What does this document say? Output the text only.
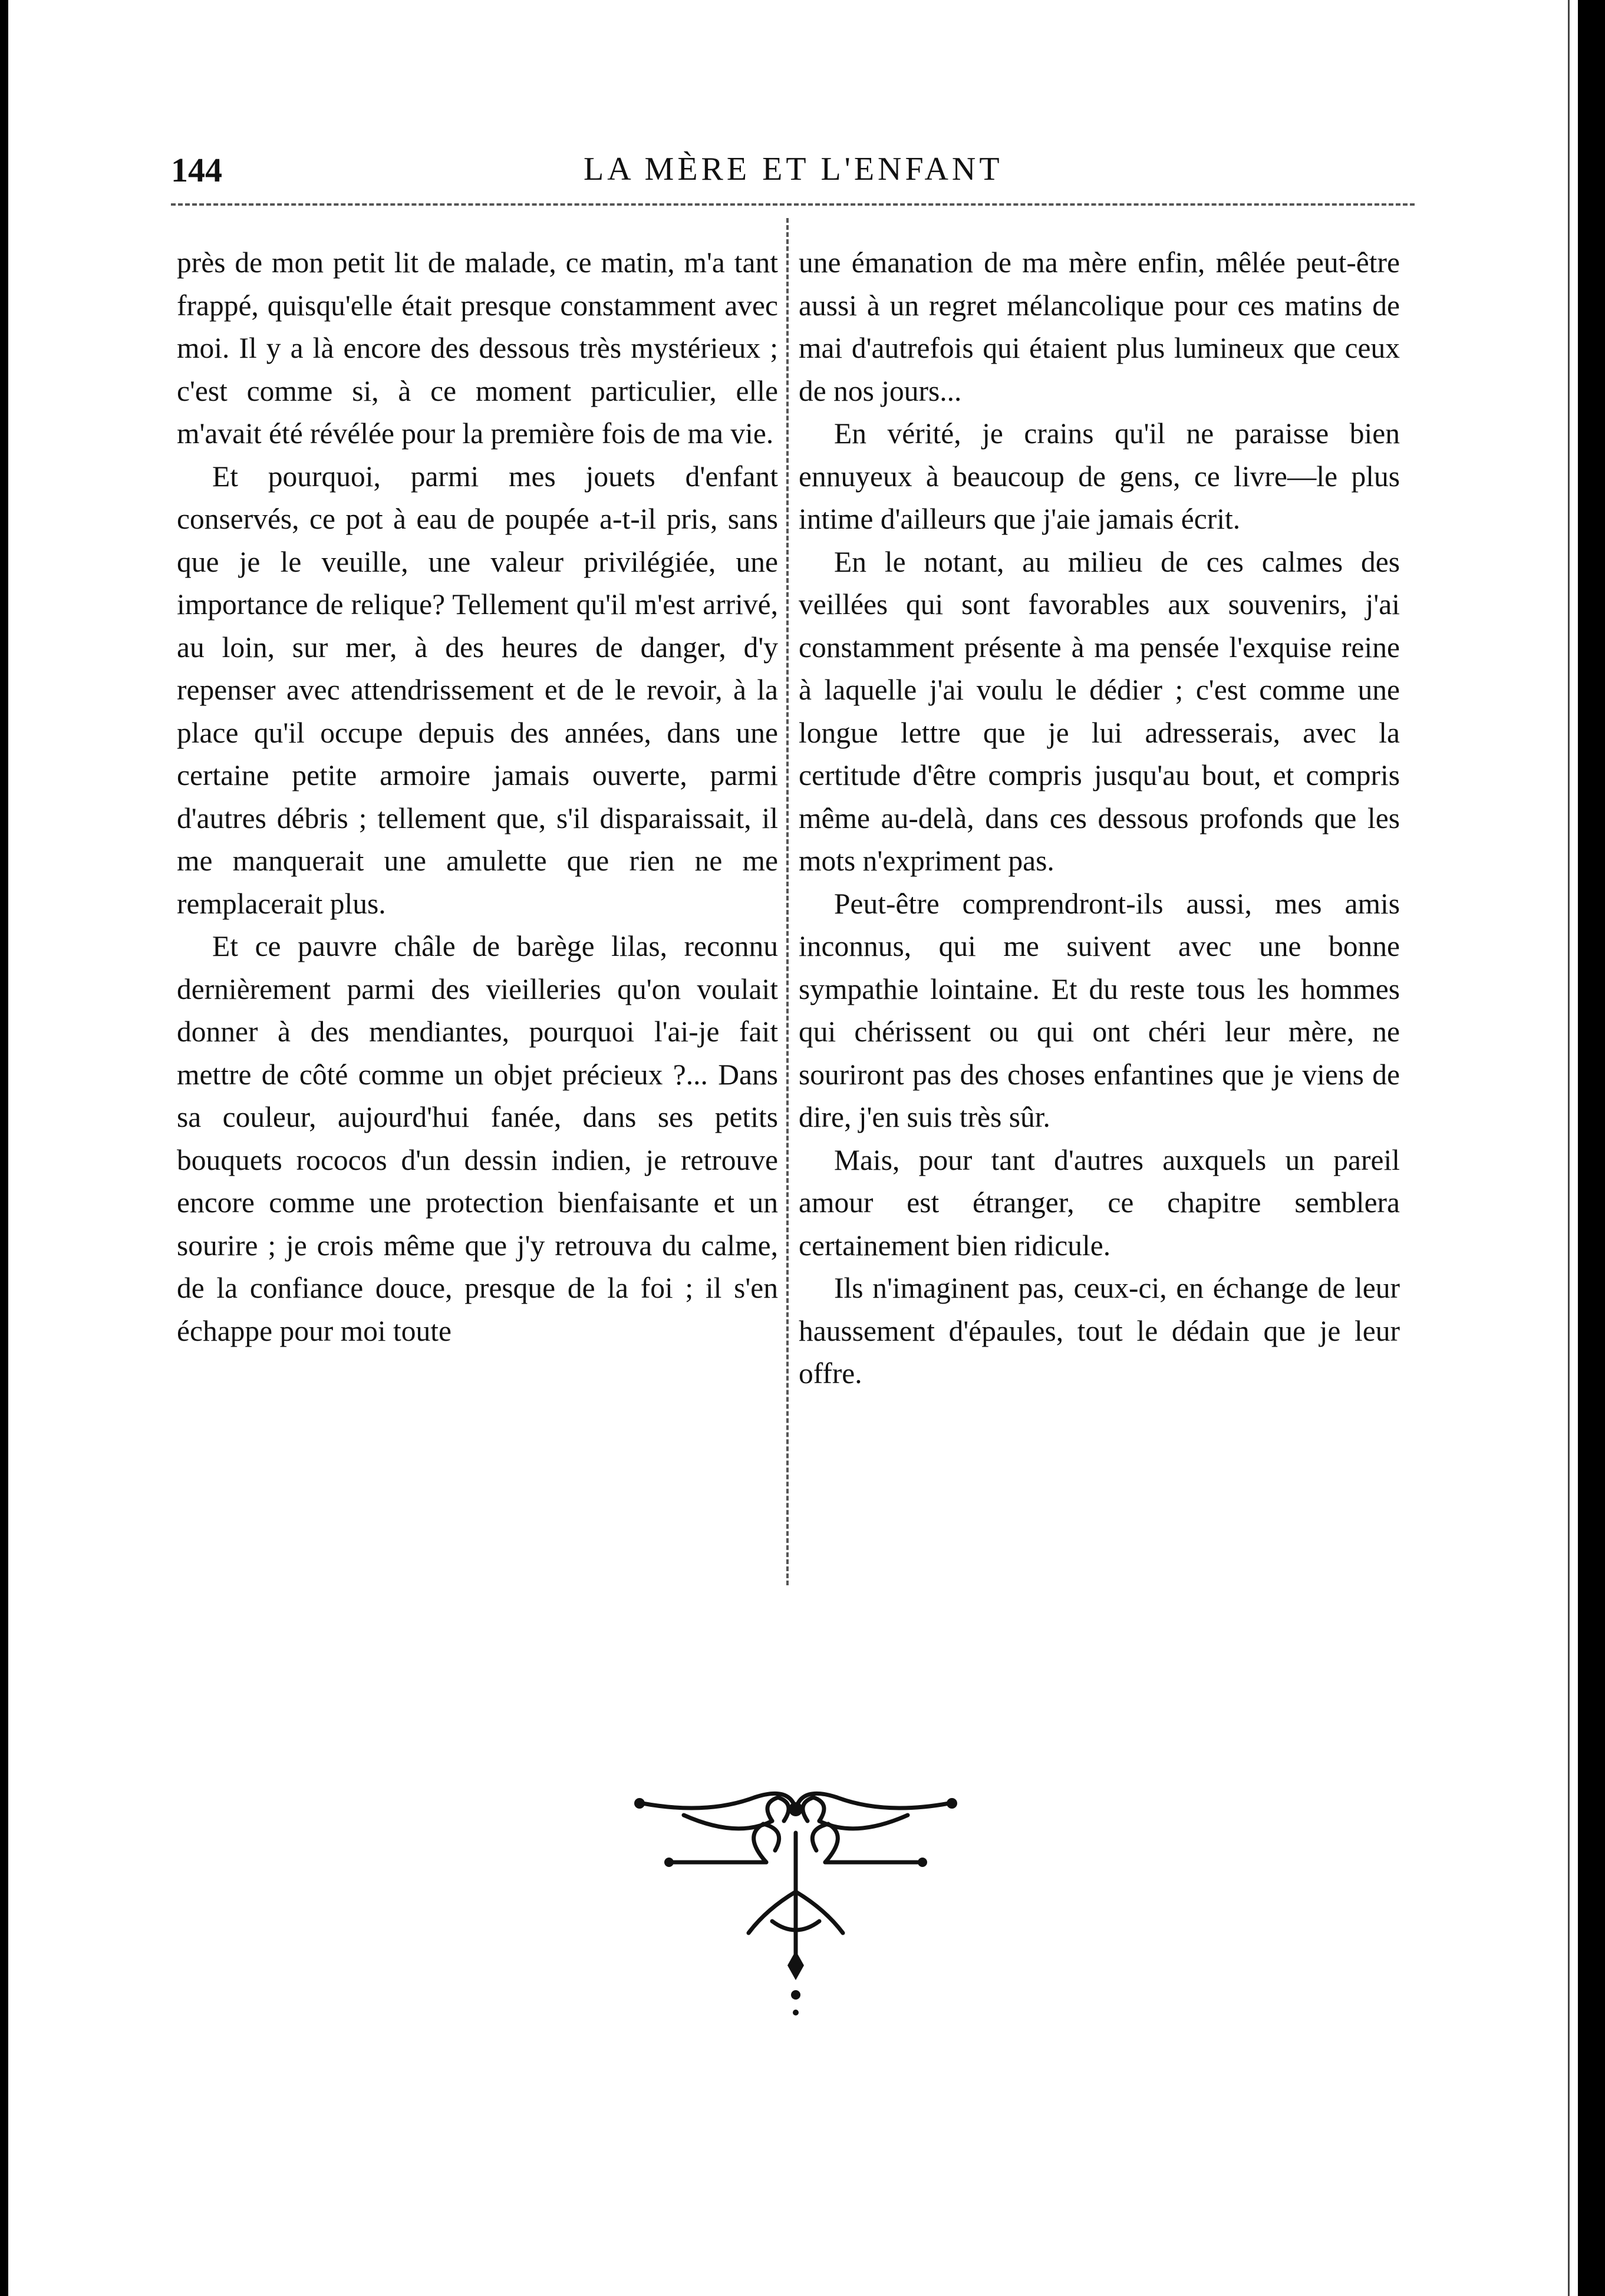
144	LA MÈRE ET L'ENFANT

près de mon petit lit de malade, ce matin, m'a tant frappé, quisqu'elle était presque constamment avec moi. Il y a là encore des dessous très mystérieux ; c'est comme si, à ce moment particulier, elle m'avait été révélée pour la première fois de ma vie.

Et pourquoi, parmi mes jouets d'enfant conservés, ce pot à eau de poupée a-t-il pris, sans que je le veuille, une valeur privilégiée, une importance de relique? Tellement qu'il m'est arrivé, au loin, sur mer, à des heures de danger, d'y repenser avec attendrissement et de le revoir, à la place qu'il occupe depuis des années, dans une certaine petite armoire jamais ouverte, parmi d'autres débris ; tellement que, s'il disparaissait, il me manquerait une amulette que rien ne me remplacerait plus.

Et ce pauvre châle de barège lilas, reconnu dernièrement parmi des vieilleries qu'on voulait donner à des mendiantes, pourquoi l'ai-je fait mettre de côté comme un objet précieux ?... Dans sa couleur, aujourd'hui fanée, dans ses petits bouquets rococos d'un dessin indien, je retrouve encore comme une protection bienfaisante et un sourire ; je crois même que j'y retrouva du calme, de la confiance douce, presque de la foi ; il s'en échappe pour moi toute

une émanation de ma mère enfin, mêlée peut-être aussi à un regret mélancolique pour ces matins de mai d'autrefois qui étaient plus lumineux que ceux de nos jours...

En vérité, je crains qu'il ne paraisse bien ennuyeux à beaucoup de gens, ce livre—le plus intime d'ailleurs que j'aie jamais écrit.

En le notant, au milieu de ces calmes des veillées qui sont favorables aux souvenirs, j'ai constamment présente à ma pensée l'exquise reine à laquelle j'ai voulu le dédier ; c'est comme une longue lettre que je lui adresserais, avec la certitude d'être compris jusqu'au bout, et compris même au-delà, dans ces dessous profonds que les mots n'expriment pas.

Peut-être comprendront-ils aussi, mes amis inconnus, qui me suivent avec une bonne sympathie lointaine. Et du reste tous les hommes qui chérissent ou qui ont chéri leur mère, ne souriront pas des choses enfantines que je viens de dire, j'en suis très sûr.

Mais, pour tant d'autres auxquels un pareil amour est étranger, ce chapitre semblera certainement bien ridicule.

Ils n'imaginent pas, ceux-ci, en échange de leur haussement d'épaules, tout le dédain que je leur offre.
